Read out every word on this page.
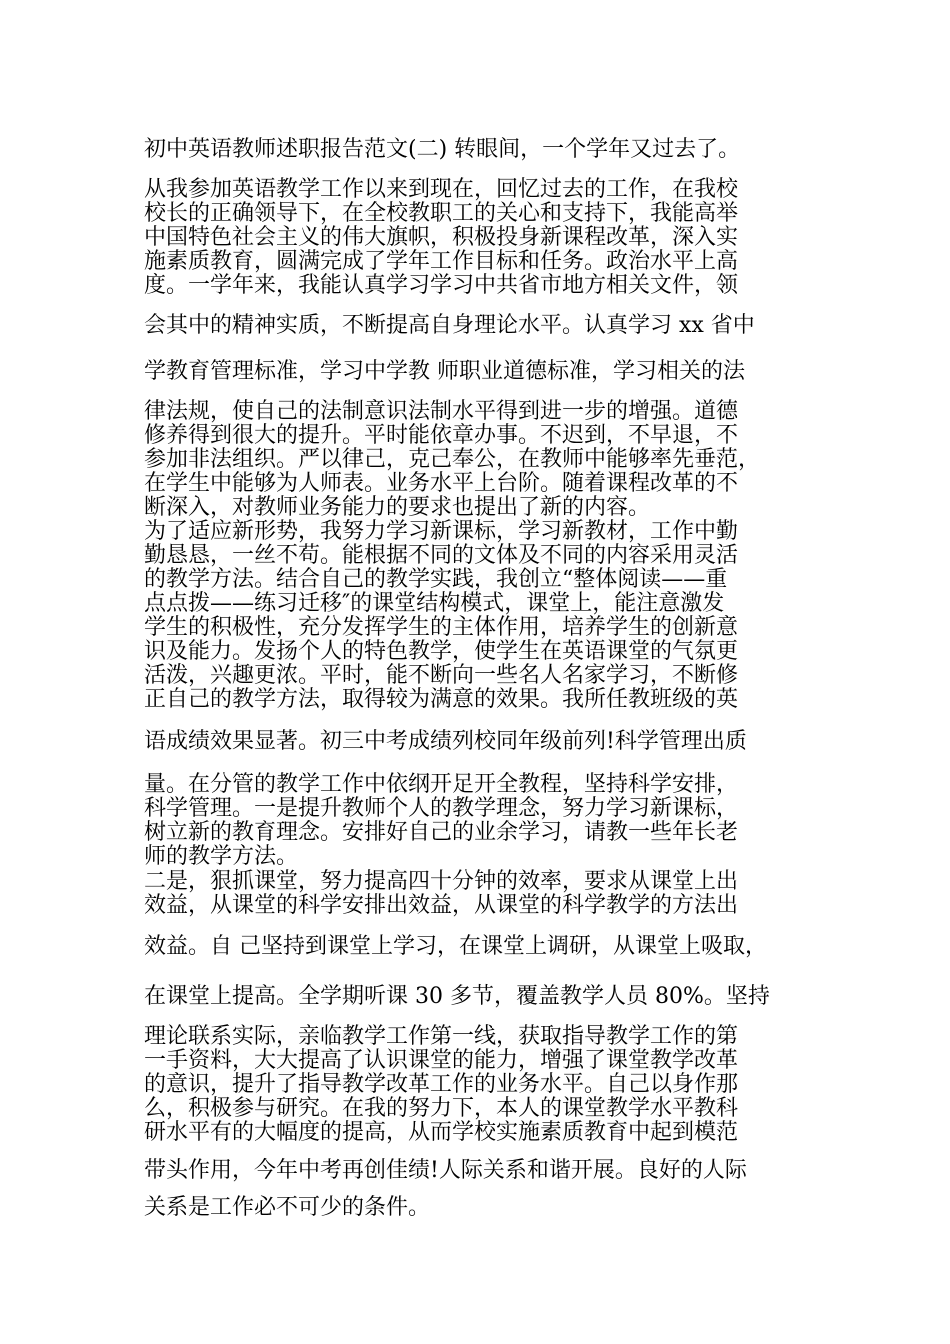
初中英语教师述职报告范文(二) 转眼间，一个学年又过去了。
从我参加英语教学工作以来到现在，回忆过去的工作，在我校
校长的正确领导下，在全校教职工的关心和支持下，我能高举
中国特色社会主义的伟大旗帜，积极投身新课程改革，深入实
施素质教育，圆满完成了学年工作目标和任务。政治水平上高
度。一学年来，我能认真学习学习中共省市地方相关文件，领
会其中的精神实质，不断提高自身理论水平。认真学习 xx 省中
学教育管理标准，学习中学教 师职业道德标准，学习相关的法
律法规，使自己的法制意识法制水平得到进一步的增强。道德
修养得到很大的提升。平时能依章办事。不迟到，不早退，不
参加非法组织。严以律己，克己奉公，在教师中能够率先垂范，
在学生中能够为人师表。业务水平上台阶。随着课程改革的不
断深入，对教师业务能力的要求也提出了新的内容。
为了适应新形势，我努力学习新课标，学习新教材，工作中勤
勤恳恳，一丝不苟。能根据不同的文体及不同的内容采用灵活
的教学方法。结合自己的教学实践，我创立“整体阅读——重
点点拨——练习迁移″的课堂结构模式，课堂上，能注意激发
学生的积极性，充分发挥学生的主体作用，培养学生的创新意
识及能力。发扬个人的特色教学，使学生在英语课堂的气氛更
活泼，兴趣更浓。平时，能不断向一些名人名家学习，不断修
正自己的教学方法，取得较为满意的效果。我所任教班级的英
语成绩效果显著。初三中考成绩列校同年级前列!科学管理出质
量。在分管的教学工作中依纲开足开全教程，坚持科学安排，
科学管理。一是提升教师个人的教学理念，努力学习新课标，
树立新的教育理念。安排好自己的业余学习，请教一些年长老
师的教学方法。
二是，狠抓课堂，努力提高四十分钟的效率，要求从课堂上出
效益，从课堂的科学安排出效益，从课堂的科学教学的方法出
效益。自 己坚持到课堂上学习，在课堂上调研，从课堂上吸取，
在课堂上提高。全学期听课 30 多节，覆盖教学人员 80%。坚持
理论联系实际，亲临教学工作第一线，获取指导教学工作的第
一手资料，大大提高了认识课堂的能力，增强了课堂教学改革
的意识，提升了指导教学改革工作的业务水平。自己以身作那
么，积极参与研究。在我的努力下，本人的课堂教学水平教科
研水平有的大幅度的提高，从而学校实施素质教育中起到模范
带头作用，今年中考再创佳绩!人际关系和谐开展。良好的人际
关系是工作必不可少的条件。
